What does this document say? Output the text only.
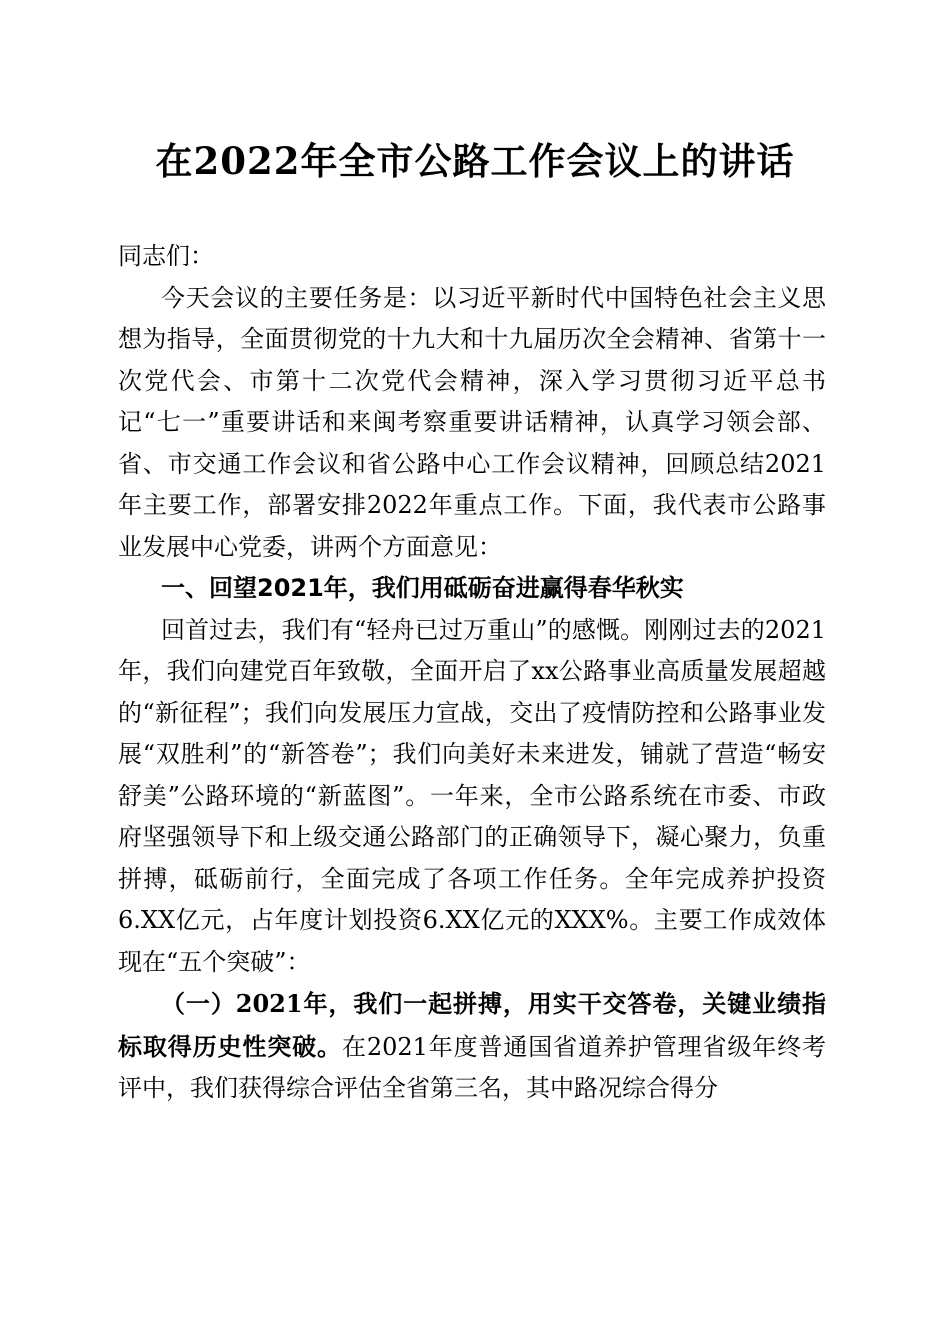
在2022年全市公路工作会议上的讲话

同志们：

今天会议的主要任务是：以习近平新时代中国特色社会主义思想为指导，全面贯彻党的十九大和十九届历次全会精神、省第十一次党代会、市第十二次党代会精神，深入学习贯彻习近平总书记“七一”重要讲话和来闽考察重要讲话精神，认真学习领会部、省、市交通工作会议和省公路中心工作会议精神，回顾总结2021年主要工作，部署安排2022年重点工作。下面，我代表市公路事业发展中心党委，讲两个方面意见：

一、回望2021年，我们用砥砺奋进赢得春华秋实

回首过去，我们有“轻舟已过万重山”的感慨。刚刚过去的2021年，我们向建党百年致敬，全面开启了xx公路事业高质量发展超越的“新征程”；我们向发展压力宣战，交出了疫情防控和公路事业发展“双胜利”的“新答卷”；我们向美好未来进发，铺就了营造“畅安舒美”公路环境的“新蓝图”。一年来，全市公路系统在市委、市政府坚强领导下和上级交通公路部门的正确领导下，凝心聚力，负重拼搏，砥砺前行，全面完成了各项工作任务。全年完成养护投资6.XX亿元，占年度计划投资6.XX亿元的XXX%。主要工作成效体现在“五个突破”：

（一）2021年，我们一起拼搏，用实干交答卷，关键业绩指标取得历史性突破。在2021年度普通国省道养护管理省级年终考评中，我们获得综合评估全省第三名，其中路况综合得分
